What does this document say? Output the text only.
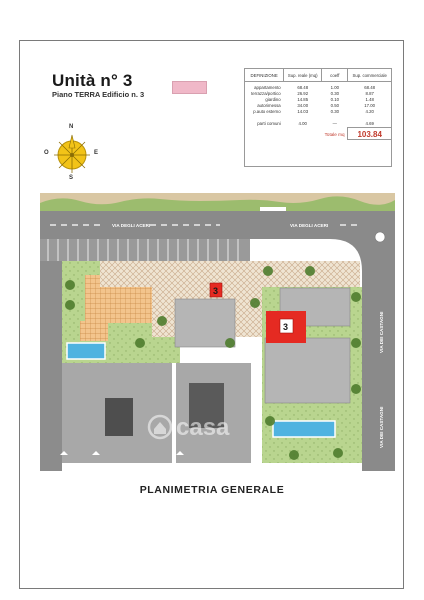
Unità n° 3
Piano TERRA Edificio n. 3
DEFINIZIONE	Sup. reale (mq)	coeff	Sup. commerciale
appartamento	68.48	1.00	68.48
terrazza/portico	26.92	0.30	8.87
giardino	14.85	0.10	1.48
autorimessa	34.00	0.50	17.00
p.auto esterno	14.03	0.30	4.20

parti comuni	4.00	—	4.69
		Totale mq	103.84
N
S
E
O
VIA DEGLI ACERI	VIA DEGLI ACERI
VIA DEI CASTAGNI
VIA DEI CASTAGNI
3
3
casa
PLANIMETRIA GENERALE
